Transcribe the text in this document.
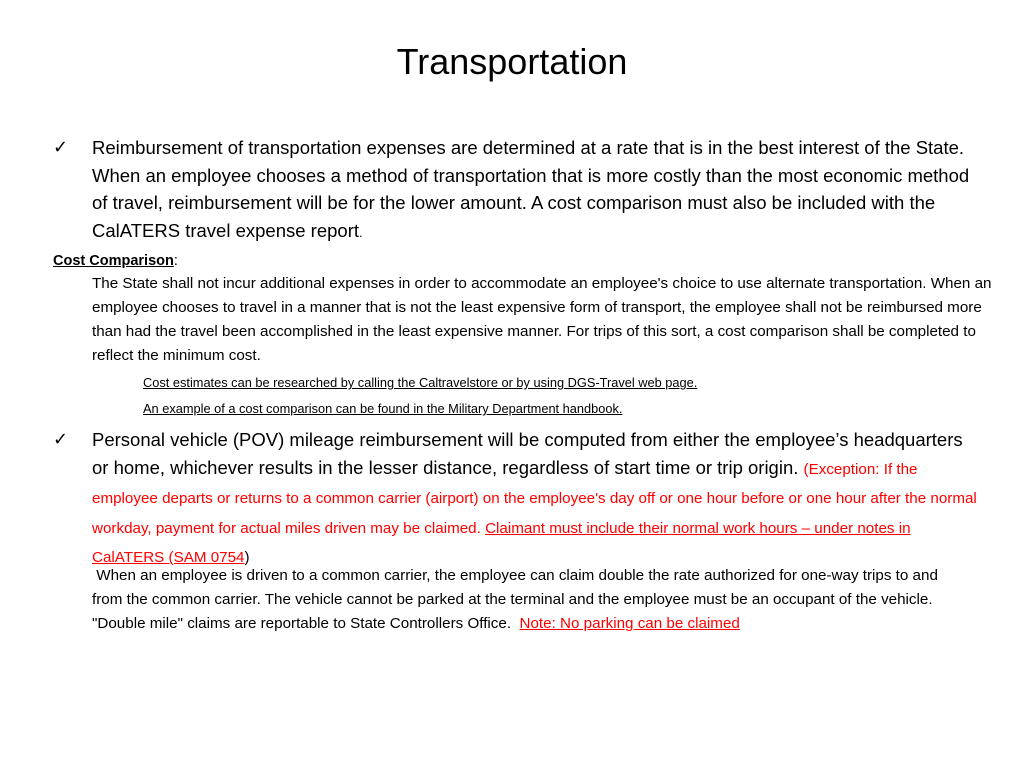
Transportation
✓ Reimbursement of transportation expenses are determined at a rate that is in the best interest of the State. When an employee chooses a method of transportation that is more costly than the most economic method of travel, reimbursement will be for the lower amount. A cost comparison must also be included with the CalATERS travel expense report.
Cost Comparison:
The State shall not incur additional expenses in order to accommodate an employee's choice to use alternate transportation. When an employee chooses to travel in a manner that is not the least expensive form of transport, the employee shall not be reimbursed more than had the travel been accomplished in the least expensive manner. For trips of this sort, a cost comparison shall be completed to reflect the minimum cost.
Cost estimates can be researched by calling the Caltravelstore or by using DGS-Travel web page.
An example of a cost comparison can be found in the Military Department handbook.
✓ Personal vehicle (POV) mileage reimbursement will be computed from either the employee’s headquarters or home, whichever results in the lesser distance, regardless of start time or trip origin. (Exception: If the employee departs or returns to a common carrier (airport) on the employee's day off or one hour before or one hour after the normal workday, payment for actual miles driven may be claimed. Claimant must include their normal work hours – under notes in CalATERS (SAM 0754)
When an employee is driven to a common carrier, the employee can claim double the rate authorized for one-way trips to and from the common carrier. The vehicle cannot be parked at the terminal and the employee must be an occupant of the vehicle. "Double mile" claims are reportable to State Controllers Office. Note: No parking can be claimed
